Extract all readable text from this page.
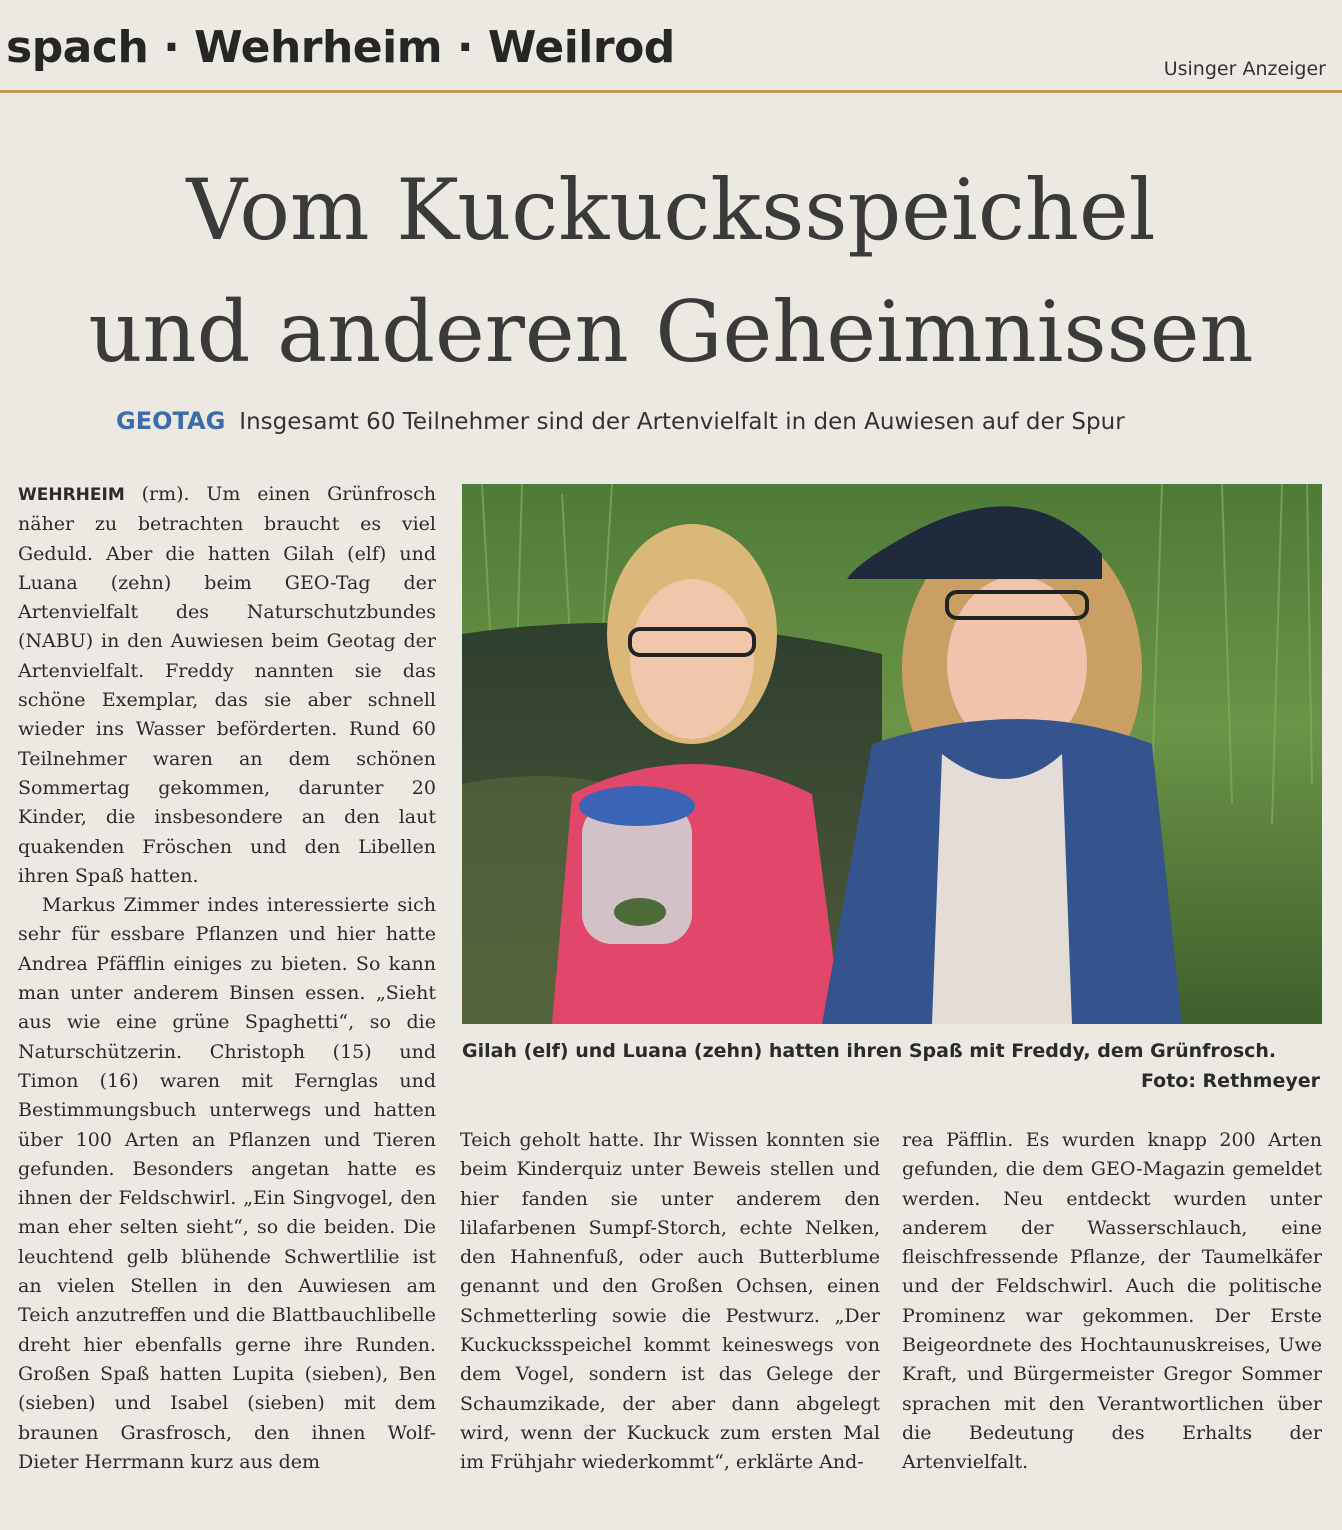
spach · Wehrheim · Weilrod	Usinger Anzeiger
Vom Kuckucksspeichel
und anderen Geheimnissen
GEOTAG Insgesamt 60 Teilnehmer sind der Artenvielfalt in den Auwiesen auf der Spur

WEHRHEIM (rm). Um einen Grünfrosch näher zu betrachten braucht es viel Geduld. Aber die hatten Gilah (elf) und Luana (zehn) beim GEO-Tag der Artenvielfalt des Naturschutzbundes (NABU) in den Auwiesen beim Geotag der Artenvielfalt. Freddy nannten sie das schöne Exemplar, das sie aber schnell wieder ins Wasser beförderten. Rund 60 Teilnehmer waren an dem schönen Sommertag gekommen, darunter 20 Kinder, die insbesondere an den laut quakenden Fröschen und den Libellen ihren Spaß hatten.

Markus Zimmer indes interessierte sich sehr für essbare Pflanzen und hier hatte Andrea Pfäfflin einiges zu bieten. So kann man unter anderem Binsen essen. „Sieht aus wie eine grüne Spaghetti“, so die Naturschützerin. Christoph (15) und Timon (16) waren mit Fernglas und Bestimmungsbuch unterwegs und hatten über 100 Arten an Pflanzen und Tieren gefunden. Besonders angetan hatte es ihnen der Feldschwirl. „Ein Singvogel, den man eher selten sieht“, so die beiden. Die leuchtend gelb blühende Schwertlilie ist an vielen Stellen in den Auwiesen am Teich anzutreffen und die Blattbauchlibelle dreht hier ebenfalls gerne ihre Runden. Großen Spaß hatten Lupita (sieben), Ben (sieben) und Isabel (sieben) mit dem braunen Grasfrosch, den ihnen Wolf- Dieter Herrmann kurz aus dem

Gilah (elf) und Luana (zehn) hatten ihren Spaß mit Freddy, dem Grünfrosch.
Foto: Rethmeyer

Teich geholt hatte. Ihr Wissen konnten sie beim Kinderquiz unter Beweis stellen und hier fanden sie unter anderem den lilafarbenen Sumpf-Storch, echte Nelken, den Hahnenfuß, oder auch Butterblume genannt und den Großen Ochsen, einen Schmetterling sowie die Pestwurz. „Der Kuckucksspeichel kommt keineswegs von dem Vogel, sondern ist das Gelege der Schaumzikade, der aber dann abgelegt wird, wenn der Kuckuck zum ersten Mal im Frühjahr wiederkommt“, erklärte And-

rea Päfflin. Es wurden knapp 200 Arten gefunden, die dem GEO-Magazin gemeldet werden. Neu entdeckt wurden unter anderem der Wasserschlauch, eine fleischfressende Pflanze, der Taumelkäfer und der Feldschwirl. Auch die politische Prominenz war gekommen. Der Erste Beigeordnete des Hochtaunuskreises, Uwe Kraft, und Bürgermeister Gregor Sommer sprachen mit den Verantwortlichen über die Bedeutung des Erhalts der Artenvielfalt.
